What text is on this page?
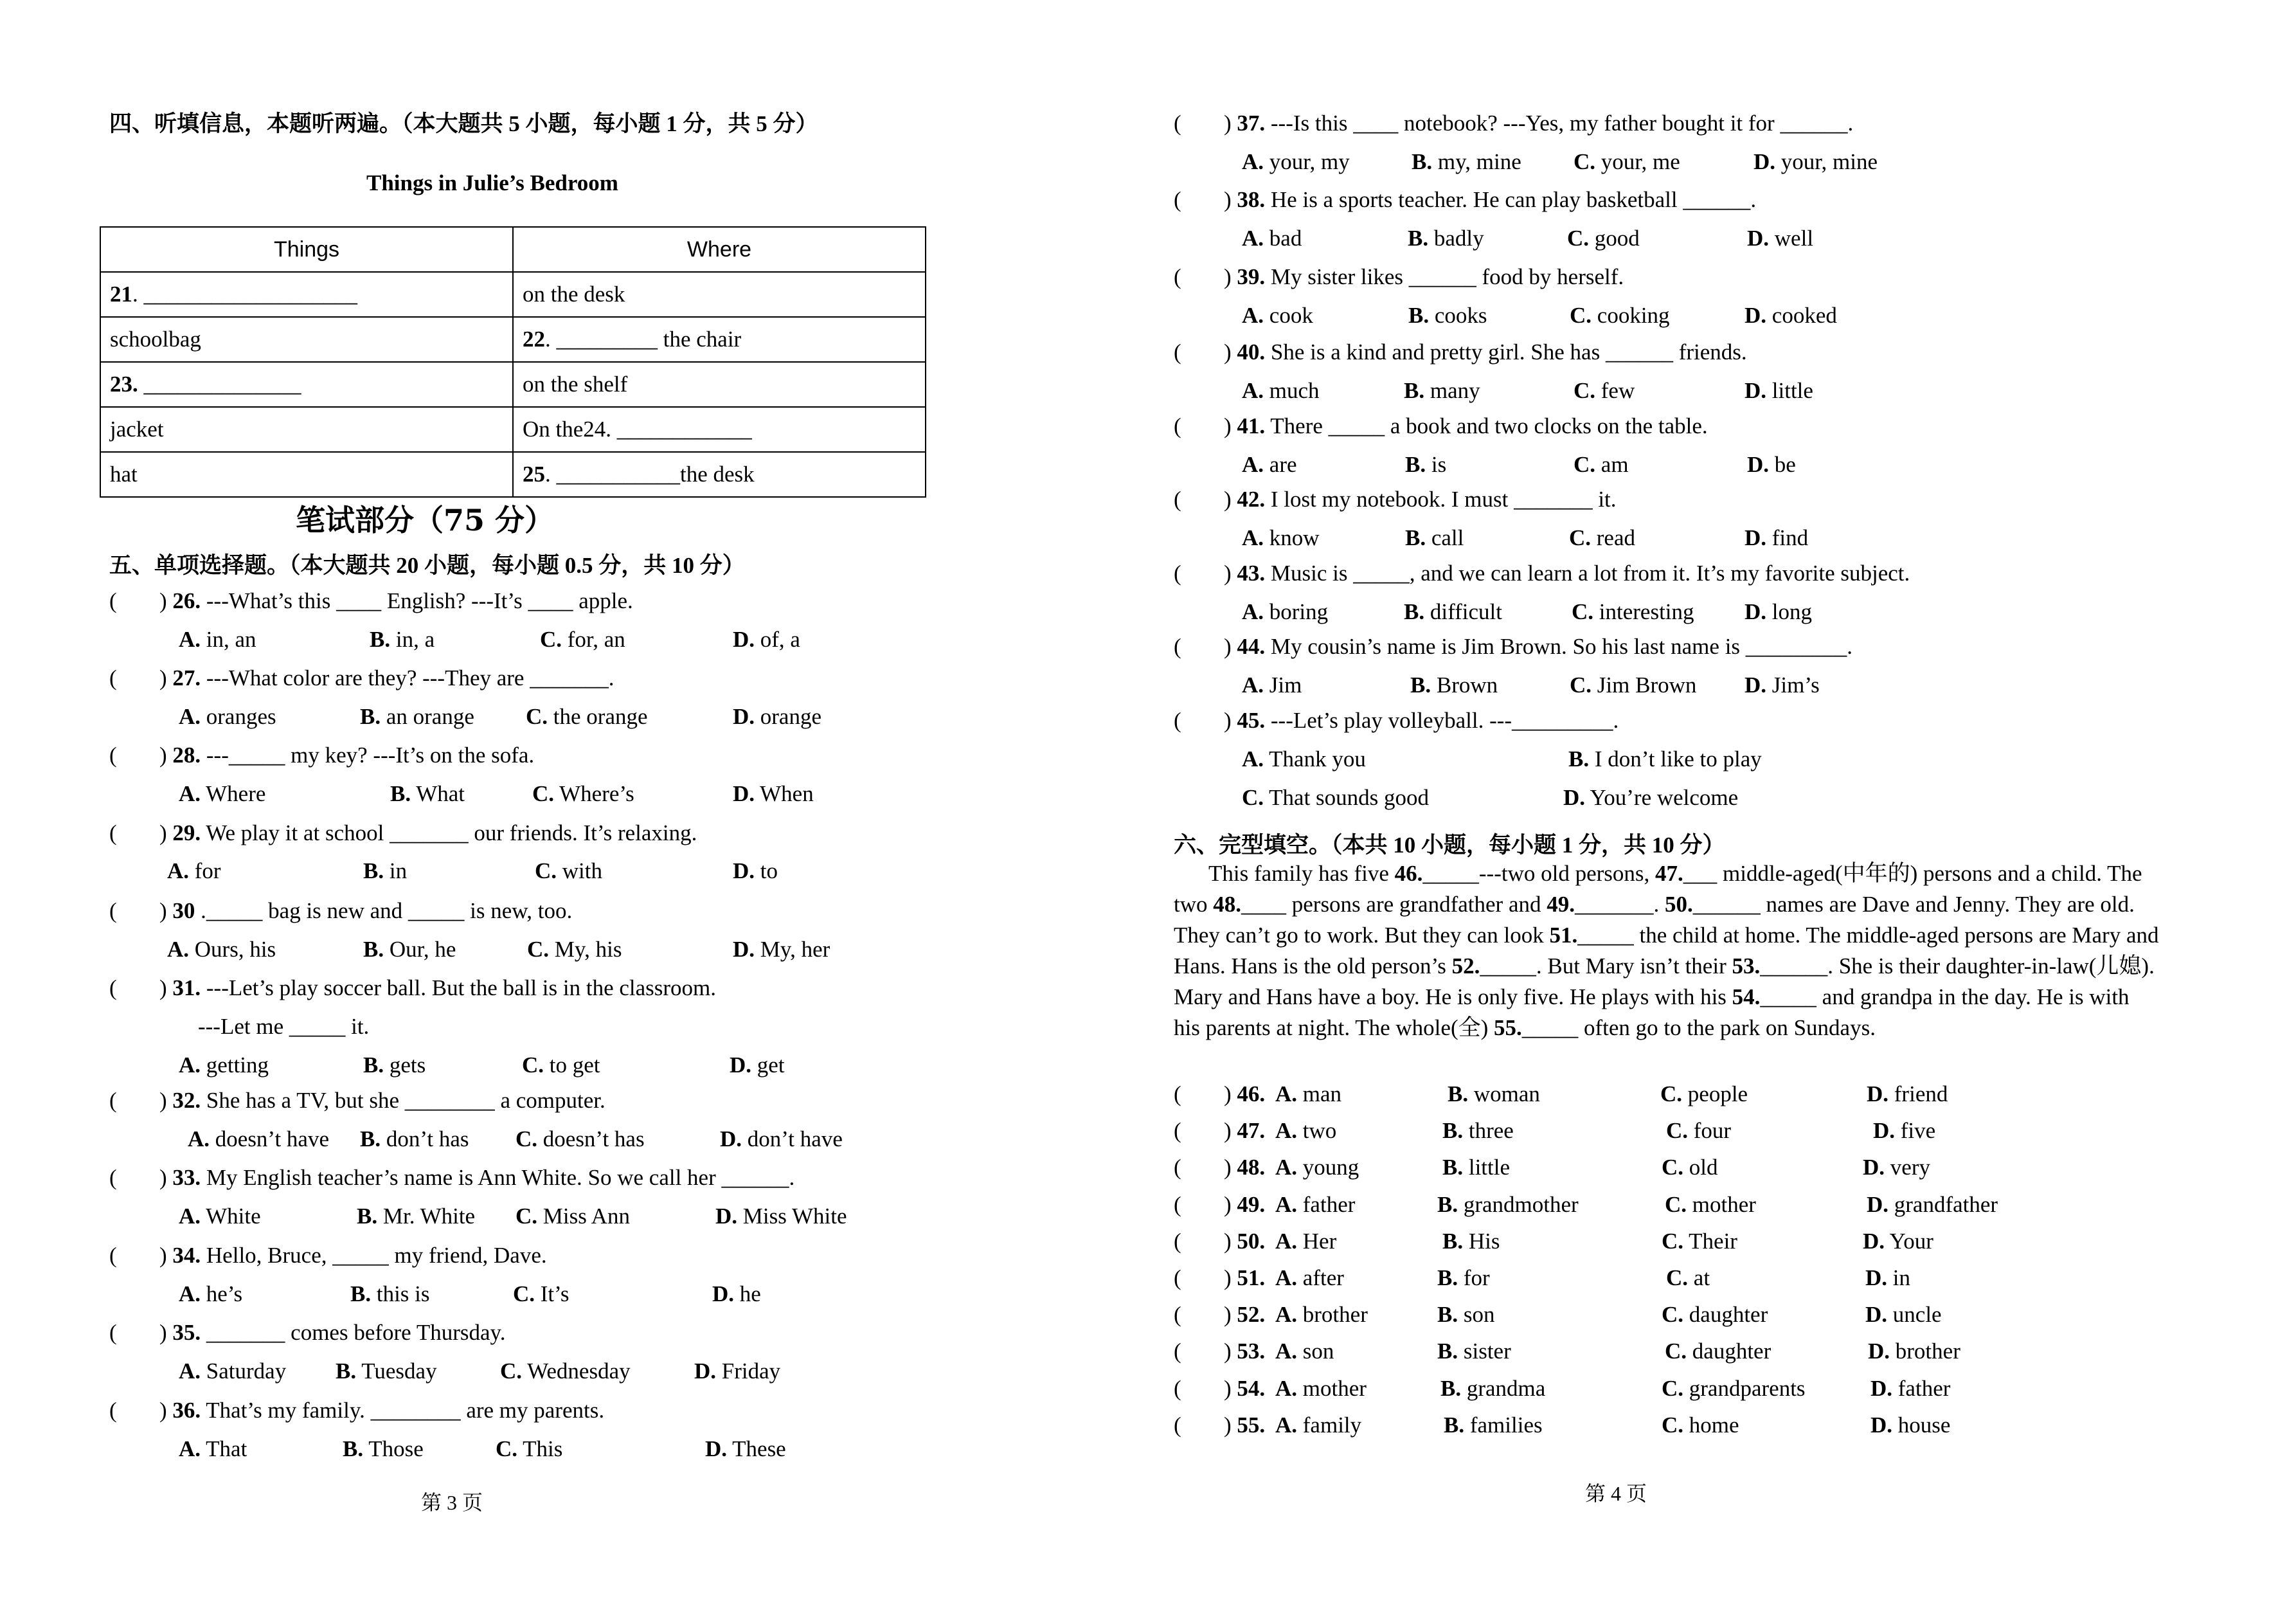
四、听填信息，本题听两遍。（本大题共 5 小题，每小题 1 分，共 5 分）
Things in Julie’s Bedroom
Things	Where
21. ___________________	on the desk
schoolbag	22. _________ the chair
23. ______________	on the shelf
jacket	On the24. ____________
hat	25. ___________the desk
笔试部分（75 分）
五、单项选择题。（本大题共 20 小题，每小题 0.5 分，共 10 分）
( ) 26. ---What’s this ____ English? ---It’s ____ apple.
A. in, an	B. in, a	C. for, an	D. of, a
( ) 27. ---What color are they? ---They are _______.
A. oranges	B. an orange C. the orange	D. orange
( ) 28. ---_____ my key? ---It’s on the sofa.
A. Where	B. What	C. Where’s	D. When
( ) 29. We play it at school _______ our friends. It’s relaxing.
A. for	B. in	C. with	D. to
( ) 30 ._____ bag is new and _____ is new, too.
A. Ours, his	B. Our, he	C. My, his	D. My, her
( ) 31. ---Let’s play soccer ball. But the ball is in the classroom.
---Let me _____ it.
A. getting	B. gets	C. to get	D. get
( ) 32. She has a TV, but she ________ a computer.
A. doesn’t have B. don’t has C. doesn’t has	D. don’t have
( ) 33. My English teacher’s name is Ann White. So we call her ______.
A. White	B. Mr. White C. Miss Ann	D. Miss White
( ) 34. Hello, Bruce, _____ my friend, Dave.
A. he’s	B. this is	C. It’s	D. he
( ) 35. _______ comes before Thursday.
A. Saturday B. Tuesday	C. Wednesday	D. Friday
( ) 36. That’s my family. ________ are my parents.
A. That	B. Those	C. This	D. These
第 3 页
( ) 37. ---Is this ____ notebook? ---Yes, my father bought it for ______.
A. your, my	B. my, mine C. your, me	D. your, mine
( ) 38. He is a sports teacher. He can play basketball ______.
A. bad	B. badly	C. good	D. well
( ) 39. My sister likes ______ food by herself.
A. cook	B. cooks	C. cooking	D. cooked
( ) 40. She is a kind and pretty girl. She has ______ friends.
A. much	B. many	C. few	D. little
( ) 41. There _____ a book and two clocks on the table.
A. are	B. is	C. am	D. be
( ) 42. I lost my notebook. I must _______ it.
A. know	B. call	C. read	D. find
( ) 43. Music is _____, and we can learn a lot from it. It’s my favorite subject.
A. boring	B. difficult	C. interesting D. long
( ) 44. My cousin’s name is Jim Brown. So his last name is _________.
A. Jim	B. Brown	C. Jim Brown D. Jim’s
( ) 45. ---Let’s play volleyball. ---_________.
A. Thank you	B. I don’t like to play
C. That sounds good	D. You’re welcome
六、完型填空。（本共 10 小题，每小题 1 分，共 10 分）
( ) 46. A. man	B. woman	C. people	D. friend
( ) 47. A. two	B. three	C. four	D. five
( ) 48. A. young	B. little	C. old	D. very
( ) 49. A. father	B. grandmother	C. mother	D. grandfather
( ) 50. A. Her	B. His	C. Their	D. Your
( ) 51. A. after	B. for	C. at	D. in
( ) 52. A. brother	B. son	C. daughter	D. uncle
( ) 53. A. son	B. sister	C. daughter	D. brother
( ) 54. A. mother	B. grandma	C. grandparents	D. father
( ) 55. A. family	B. families	C. home	D. house
第 4 页
This family has five 46._____---two old persons, 47.___ middle-aged(中年的) persons and a child. The
two 48.____ persons are grandfather and 49._______. 50.______ names are Dave and Jenny. They are old.
They can’t go to work. But they can look 51._____ the child at home. The middle-aged persons are Mary and
Hans. Hans is the old person’s 52._____. But Mary isn’t their 53.______. She is their daughter-in-law(儿媳).
Mary and Hans have a boy. He is only five. He plays with his 54._____ and grandpa in the day. He is with
his parents at night. The whole(全) 55._____ often go to the park on Sundays.
